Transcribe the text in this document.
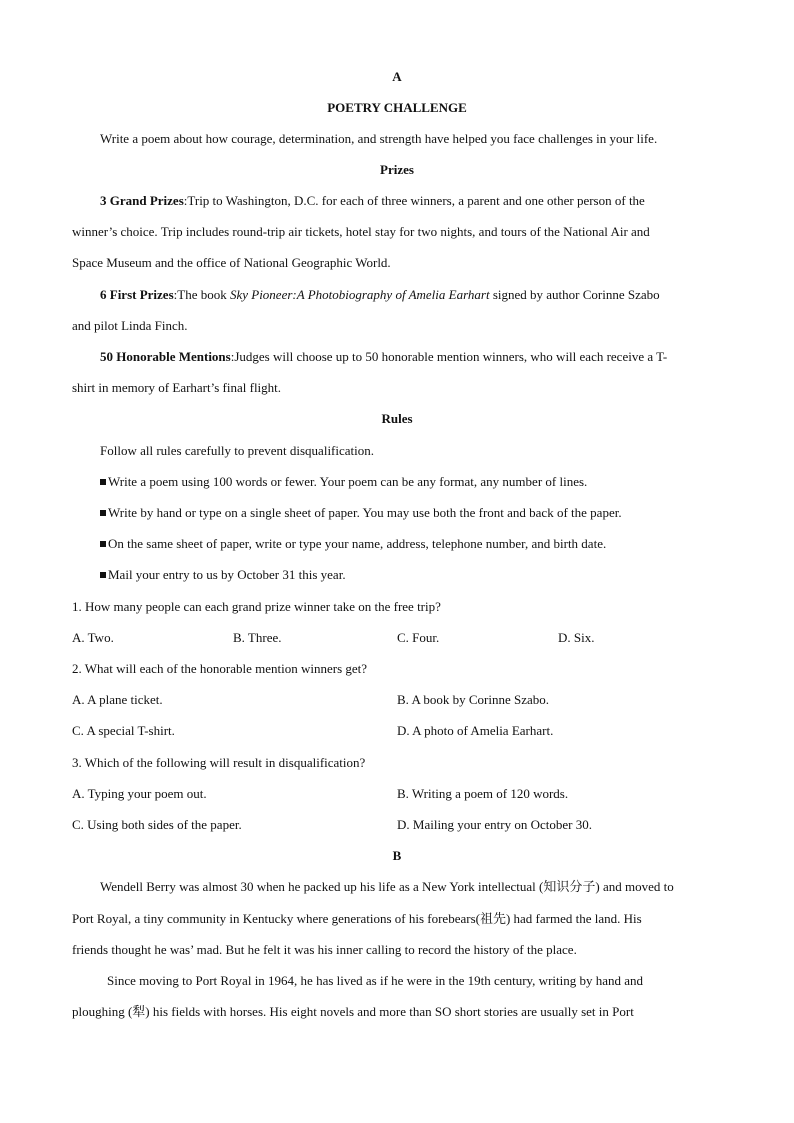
A

POETRY CHALLENGE

Write a poem about how courage, determination, and strength have helped you face challenges in your life.

Prizes

3 Grand Prizes:Trip to Washington, D.C. for each of three winners, a parent and one other person of the

winner’s choice. Trip includes round-trip air tickets, hotel stay for two nights, and tours of the National Air and

Space Museum and the office of National Geographic World.

6 First Prizes:The book Sky Pioneer:A Photobiography of Amelia Earhart signed by author Corinne Szabo

and pilot Linda Finch.

50 Honorable Mentions:Judges will choose up to 50 honorable mention winners, who will each receive a T-

shirt in memory of Earhart’s final flight.

Rules

Follow all rules carefully to prevent disqualification.

Write a poem using 100 words or fewer. Your poem can be any format, any number of lines.

Write by hand or type on a single sheet of paper. You may use both the front and back of the paper.

On the same sheet of paper, write or type your name, address, telephone number, and birth date.

Mail your entry to us by October 31 this year.

1. How many people can each grand prize winner take on the free trip?

A. Two.	B. Three.	C. Four.	D. Six.

2. What will each of the honorable mention winners get?

A. A plane ticket.	B. A book by Corinne Szabo.

C. A special T-shirt.	D. A photo of Amelia Earhart.

3. Which of the following will result in disqualification?

A. Typing your poem out.	B. Writing a poem of 120 words.

C. Using both sides of the paper.	D. Mailing your entry on October 30.

B

Wendell Berry was almost 30 when he packed up his life as a New York intellectual (知识分子) and moved to

Port Royal, a tiny community in Kentucky where generations of his forebears(祖先) had farmed the land. His

friends thought he was’ mad. But he felt it was his inner calling to record the history of the place.

Since moving to Port Royal in 1964, he has lived as if he were in the 19th century, writing by hand and

ploughing (犁) his fields with horses. His eight novels and more than SO short stories are usually set in Port
